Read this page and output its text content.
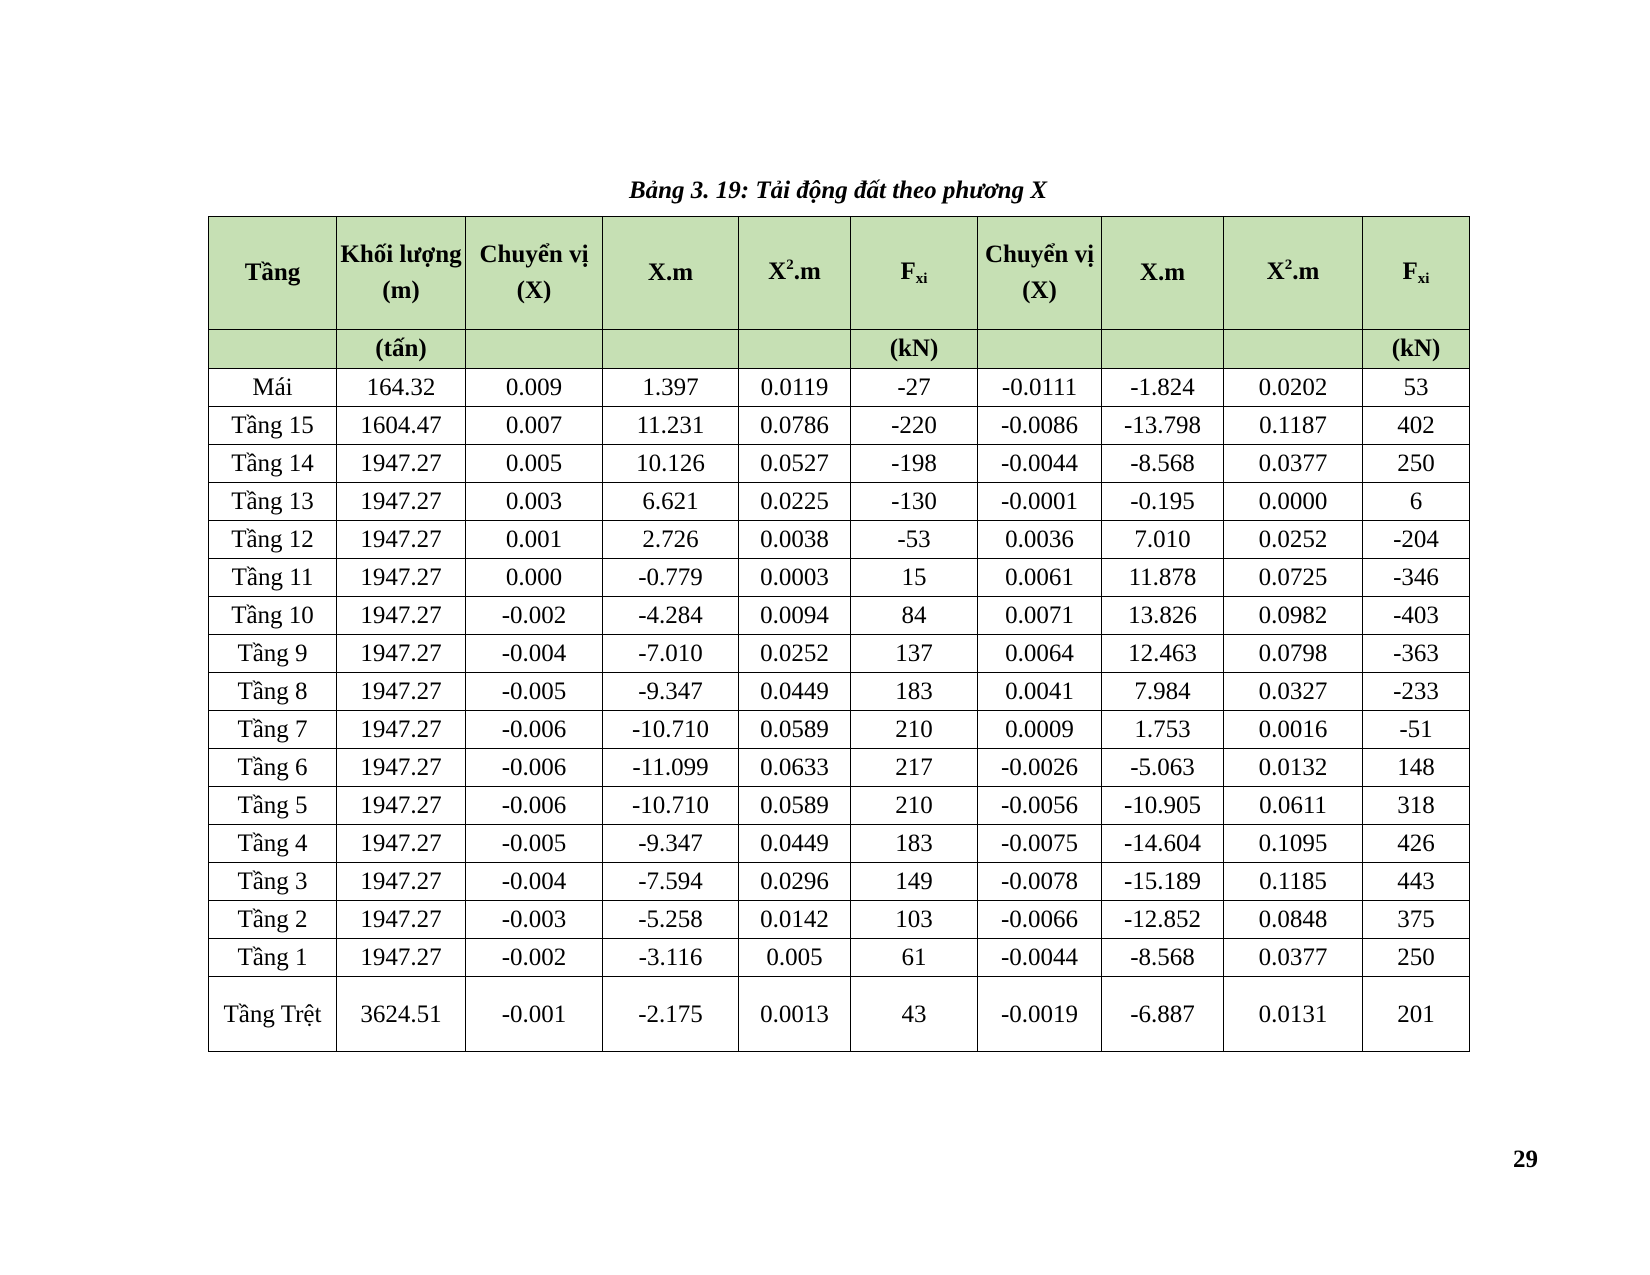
Bảng 3. 19: Tải động đất theo phương X
Tầng	Khối lượng (m)	Chuyển vị (X)	X.m	$X^2.m$	Fxi	Chuyển vị (X)	X.m	$X^2.m$	Fxi
	(tấn)				(kN)				(kN)
Mái	164.32	0.009	1.397	0.0119	-27	-0.0111	-1.824	0.0202	53
Tầng 15	1604.47	0.007	11.231	0.0786	-220	-0.0086	-13.798	0.1187	402
Tầng 14	1947.27	0.005	10.126	0.0527	-198	-0.0044	-8.568	0.0377	250
Tầng 13	1947.27	0.003	6.621	0.0225	-130	-0.0001	-0.195	0.0000	6
Tầng 12	1947.27	0.001	2.726	0.0038	-53	0.0036	7.010	0.0252	-204
Tầng 11	1947.27	0.000	-0.779	0.0003	15	0.0061	11.878	0.0725	-346
Tầng 10	1947.27	-0.002	-4.284	0.0094	84	0.0071	13.826	0.0982	-403
Tầng 9	1947.27	-0.004	-7.010	0.0252	137	0.0064	12.463	0.0798	-363
Tầng 8	1947.27	-0.005	-9.347	0.0449	183	0.0041	7.984	0.0327	-233
Tầng 7	1947.27	-0.006	-10.710	0.0589	210	0.0009	1.753	0.0016	-51
Tầng 6	1947.27	-0.006	-11.099	0.0633	217	-0.0026	-5.063	0.0132	148
Tầng 5	1947.27	-0.006	-10.710	0.0589	210	-0.0056	-10.905	0.0611	318
Tầng 4	1947.27	-0.005	-9.347	0.0449	183	-0.0075	-14.604	0.1095	426
Tầng 3	1947.27	-0.004	-7.594	0.0296	149	-0.0078	-15.189	0.1185	443
Tầng 2	1947.27	-0.003	-5.258	0.0142	103	-0.0066	-12.852	0.0848	375
Tầng 1	1947.27	-0.002	-3.116	0.005	61	-0.0044	-8.568	0.0377	250
Tầng Trệt	3624.51	-0.001	-2.175	0.0013	43	-0.0019	-6.887	0.0131	201
29
